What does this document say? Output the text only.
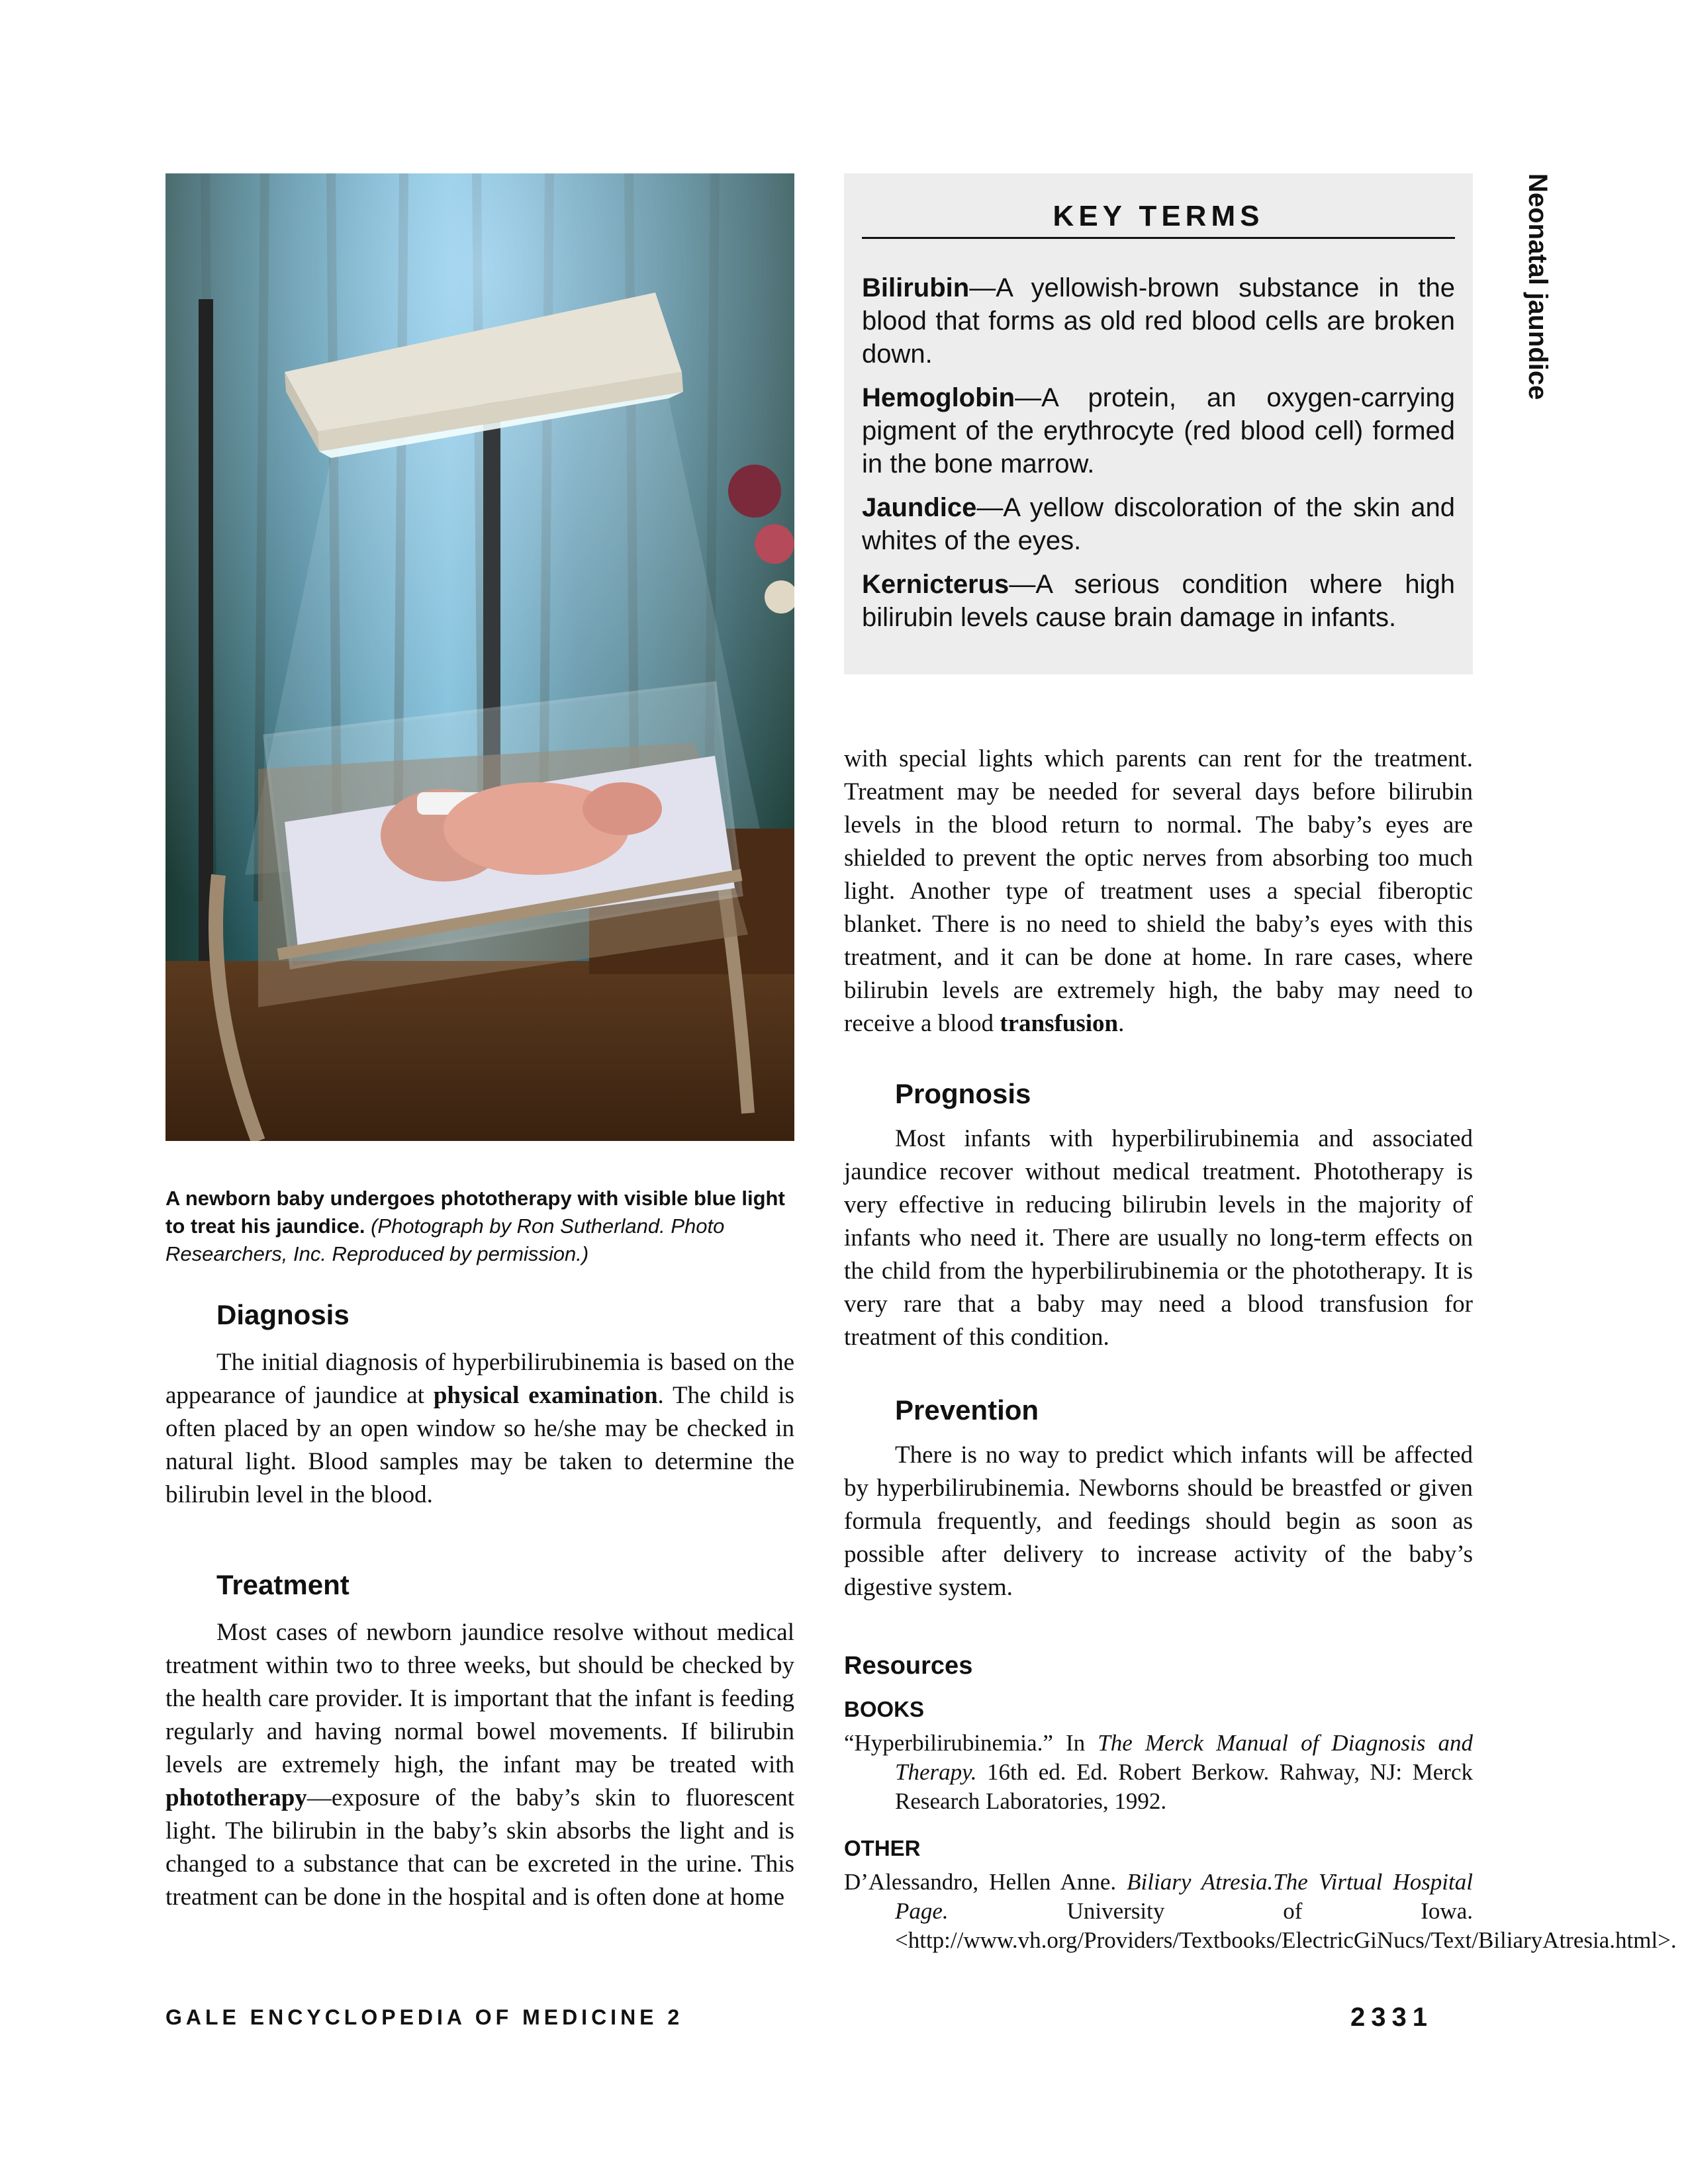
A newborn baby undergoes phototherapy with visible blue light to treat his jaundice. (Photograph by Ron Sutherland. Photo Researchers, Inc. Reproduced by permission.)
KEY TERMS

Bilirubin—A yellowish-brown substance in the blood that forms as old red blood cells are broken down.

Hemoglobin—A protein, an oxygen-carrying pigment of the erythrocyte (red blood cell) formed in the bone marrow.

Jaundice—A yellow discoloration of the skin and whites of the eyes.

Kernicterus—A serious condition where high bilirubin levels cause brain damage in infants.

Neonatal jaundice
Diagnosis

The initial diagnosis of hyperbilirubinemia is based on the appearance of jaundice at physical examination. The child is often placed by an open window so he/she may be checked in natural light. Blood samples may be taken to determine the bilirubin level in the blood.

Treatment

Most cases of newborn jaundice resolve without medical treatment within two to three weeks, but should be checked by the health care provider. It is important that the infant is feeding regularly and having normal bowel movements. If bilirubin levels are extremely high, the infant may be treated with phototherapy—exposure of the baby’s skin to fluorescent light. The bilirubin in the baby’s skin absorbs the light and is changed to a substance that can be excreted in the urine. This treatment can be done in the hospital and is often done at home

with special lights which parents can rent for the treatment. Treatment may be needed for several days before bilirubin levels in the blood return to normal. The baby’s eyes are shielded to prevent the optic nerves from absorbing too much light. Another type of treatment uses a special fiberoptic blanket. There is no need to shield the baby’s eyes with this treatment, and it can be done at home. In rare cases, where bilirubin levels are extremely high, the baby may need to receive a blood transfusion.

Prognosis

Most infants with hyperbilirubinemia and associated jaundice recover without medical treatment. Phototherapy is very effective in reducing bilirubin levels in the majority of infants who need it. There are usually no long-term effects on the child from the hyperbilirubinemia or the phototherapy. It is very rare that a baby may need a blood transfusion for treatment of this condition.

Prevention

There is no way to predict which infants will be affected by hyperbilirubinemia. Newborns should be breastfed or given formula frequently, and feedings should begin as soon as possible after delivery to increase activity of the baby’s digestive system.

Resources
BOOKS

“Hyperbilirubinemia.” In The Merck Manual of Diagnosis and Therapy. 16th ed. Ed. Robert Berkow. Rahway, NJ: Merck Research Laboratories, 1992.

OTHER

D’Alessandro, Hellen Anne. Biliary Atresia.The Virtual Hospital Page. University of Iowa. <http://www.vh.org/Providers/Textbooks/ElectricGiNucs/Text/BiliaryAtresia.html>.

GALE ENCYCLOPEDIA OF MEDICINE 2	2331
